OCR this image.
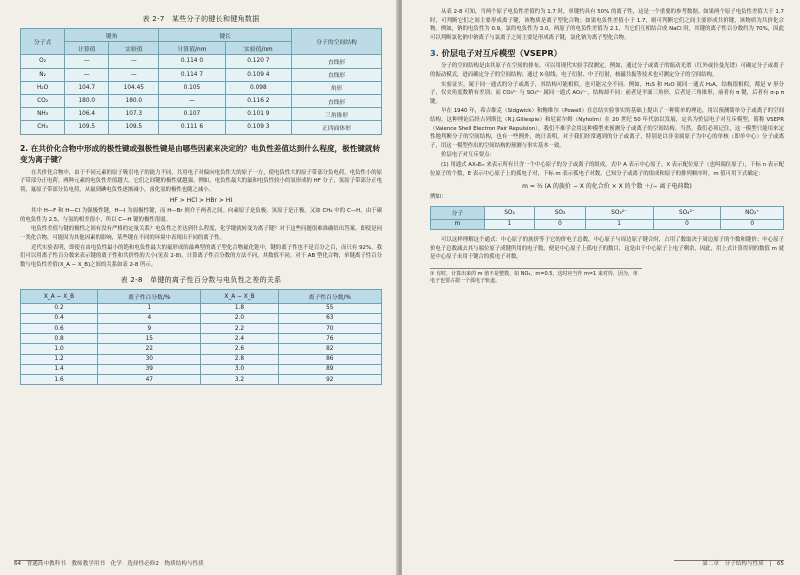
表 2-7　某些分子的键长和键角数据
分子式	键角		键长		分子的空间结构
	计算值	实验值	计算值/nm	实验值/nm	
O₂	—	—	0.114 0	0.120 7	直线形
N₂	—	—	0.114 7	0.109 4	直线形
H₂O	104.7	104.45	0.105	0.098	角形
CO₂	180.0	180.0	—	0.116 2	直线形
NH₃	106.4	107.3	0.107	0.101 9	三角锥形
CH₄	109.5	109.5	0.111 6	0.109 3	正四面体形
2. 在共价化合物中形成的极性键或强极性键是由哪些因素来决定的？电负性差值达到什么程度，极性键就转变为离子键？

在共价化合物中，由于不同元素的原子吸引电子的能力不同，共用电子对偏向电负性大的原子一方，使电负性大的原子带部分负电荷，电负性小的原子带部分正电荷。两种元素的电负性差值越大，它们之间键的极性就越强。例如，电负性最大的氟和电负性较小的氢形成的 HF 分子，氢原子带部分正电荷，氟原子带部分负电荷，从氟到碘电负性逐渐减小，卤化氢的极性也随之减小。

HF > HCl > HBr > HI

其中 H—F 和 H—Cl 为强极性键，H—I 为弱极性键，而 H—Br 则介于两者之间。向素原子是负极，氢原子是正极。又如 CH₄ 中的 C—H，由于碳的电负性为 2.5，与氢的相差很小，所以 C—H 键的极性很弱。

电负性差值与键的极性之间有没有严格的定量关系？电负性之差达到什么程度，化学键就转变为离子键？对于这些问题很难准确给出答案。即使是同一类化合物，可能因为其他因素的影响，某些键在不同的环境中表现出不同的离子性。

近代实验表明，即使在由电负性最小的铯和电负性最大的氟形成的最典型的离子型化合物氟化铯中，键的离子性也不是百分之百，而只有 92%。我们可以用离子性百分数来表示键的离子性和共价性的大小(见表 2-8)，计算离子性百分数的方法不同，其数值不同。对于 AB 型化合物，单键离子性百分数与电负性差值(X_A − X_B)之间的关系如表 2-8 所示。

表 2-8　单键的离子性百分数与电负性之差的关系
X_A − X_B	离子性百分数/%	X_A − X_B	离子性百分数/%
0.2	1	1.8	55
0.4	4	2.0	63
0.6	9	2.2	70
0.8	15	2.4	76
1.0	22	2.6	82
1.2	30	2.8	86
1.4	39	3.0	89
1.6	47	3.2	92
64　普通高中教科书　教师教学用书　化学　选择性必修2　物质结构与性质

从表 2-8 可知，当两个原子电负性差值约为 1.7 时，单键约具有 50% 的离子性，这是一个重要的参考数据。如果两个原子电负性差值大于 1.7 时，可判断它们之间主要形成离子键，该物质是离子型化合物；如果电负性差值小于 1.7，则可判断它们之间主要形成共价键，该物质为共价化合物。例如，钠的电负性为 0.9，氯的电负性为 3.0，两原子的电负性差值为 2.1，当它们互相结合成 NaCl 时，其键的离子性百分数约为 70%，因此可以判断氯化钠中钠离子与氯离子之间主要是形成离子键，氯化钠为离子型化合物。

3. 价层电子对互斥模型（VSEPR）

分子的空间结构是由其原子在空间的排布，可以用现代实验手段测定。例如，通过分子或离子的振动光谱（红外或拉曼光谱）可确定分子或离子的振动模式，进而确定分子的空间结构；通过 X-射线、电子衍射、中子衍射，核磁共振等技术也可测定分子的空间结构。

实验证实，属于同一通式的分子或离子，其结构可能相似，也可能完全不同。例如，H₂S 和 H₂O 属同一通式 H₂A，结构很相似，都是 V 形分子，仅夹角度数稍有差别；而 CO₃²⁻ 与 SO₃²⁻ 属同一通式 AO₃ⁿ⁻，结构却不同：前者是平面三角形，后者是三角锥形，前者有 π 键，后者有 σ-p π 键。

早在 1940 年，希吉维克（Sidgwick）和鲍维尔（Powell）在总结实验事实的基础上提出了一种简单的理论，用以预测简单分子或离子的空间结构。这种理论后经吉列斯比（R.J.Gillespie）和尼霍尔姆（Nyholm）在 20 世纪 50 年代加以发展，定名为价层电子对互斥模型，简称 VSEPR（Valence Shell Electron Pair Repulsion）。我们不难学会用这种模型来预测分子或离子的空间结构。当然，我们必须记住，这一模型只能用来定性地判断分子的空间结构，也有一些例外，统计表明，对于我们经常遇到的分子或离子，特别是以非金属原子为中心的单核（即单中心）分子或离子，用这一模型作出的空间结构的预测与事实基本一致。

价层电子对互斥要点：

(1) 用通式 AXₙEₘ 来表示所有只含一个中心原子的分子或离子的组成，式中 A 表示中心原子，X 表示配位原子（也叫端位原子），下标 n 表示配位原子的个数，E 表示中心原子上的孤电子对，下标 m 表示孤电子对数。已知分子或离子的组成和原子的排列顺序时，m 值可用下式确定：

m = ½ (A 的族价 − X 的化合价 × X 的个数 ＋/− 离子电荷数)

例如：

分子	SO₂	SO₃	SO₃²⁻	SO₄²⁻	NO₂⁺
m	1	0	1	0	0

可以这样理解这个通式：中心原子的族价等于它的价电子总数，中心原子与周边原子键合时，占用了数取决于周边原子的个数和键价；中心原子价电子总数减去其与端位原子成键所用的电子数，便是中心原子上孤电子的数目，这是由于中心原子上电子剩余，因此，用上式计算得到的数值 m 就是中心原子未用于键合的孤电子对数。

① 有时，计算出来的 m 值不是整数，如 NO₂，m=0.5，这时应当作 m=1 来对待，因为，单电子也要占据一个孤电子轨道。
第二章　分子结构与性质　|　65
